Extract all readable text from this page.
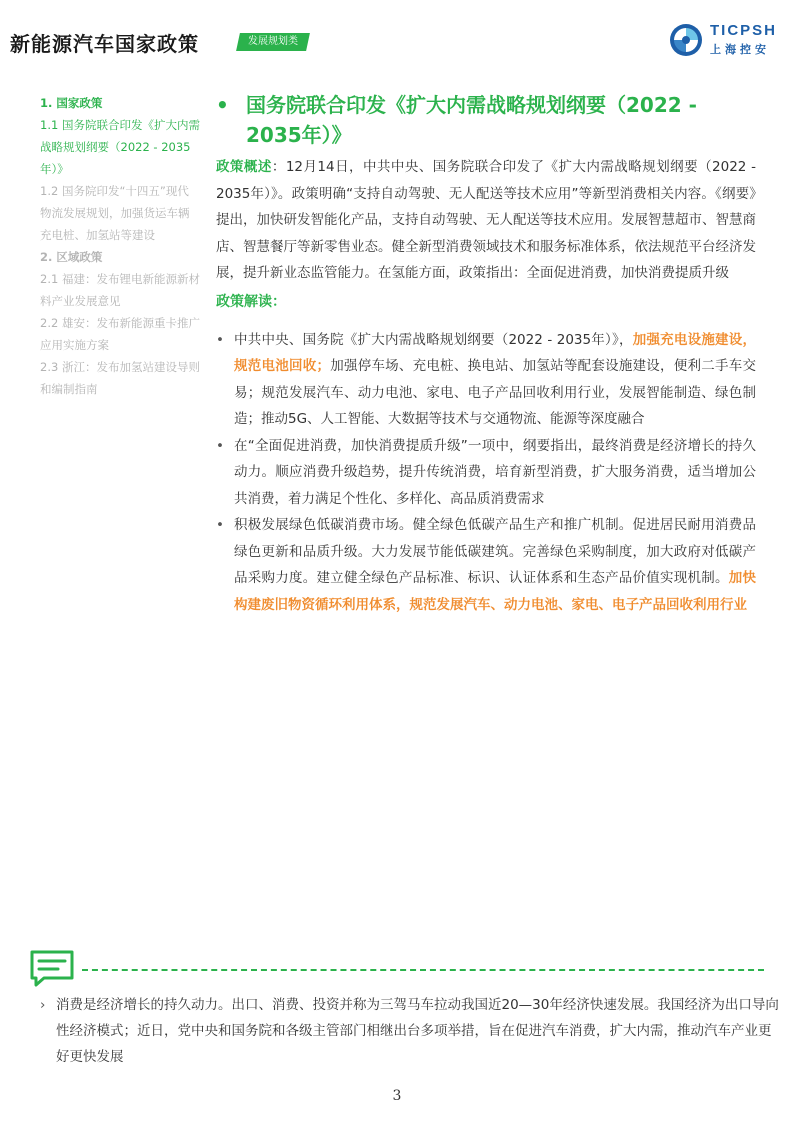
新能源汽车国家政策	发展规划类
TICPSH
上海控安
1. 国家政策
1.1 国务院联合印发《扩大内需战略规划纲要（2022 - 2035年）》
1.2 国务院印发“十四五”现代物流发展规划，加强货运车辆充电桩、加氢站等建设
2. 区域政策
2.1 福建：发布锂电新能源新材料产业发展意见
2.2 雄安：发布新能源重卡推广应用实施方案
2.3 浙江：发布加氢站建设导则和编制指南
• 国务院联合印发《扩大内需战略规划纲要（2022 - 2035年）》

政策概述：12月14日，中共中央、国务院联合印发了《扩大内需战略规划纲要（2022 - 2035年）》。政策明确“支持自动驾驶、无人配送等技术应用”等新型消费相关内容。《纲要》提出，加快研发智能化产品，支持自动驾驶、无人配送等技术应用。发展智慧超市、智慧商店、智慧餐厅等新零售业态。健全新型消费领域技术和服务标准体系，依法规范平台经济发展，提升新业态监管能力。在氢能方面，政策指出：全面促进消费，加快消费提质升级

政策解读：
• 中共中央、国务院《扩大内需战略规划纲要（2022 - 2035年）》，加强充电设施建设，规范电池回收；加强停车场、充电桩、换电站、加氢站等配套设施建设，便利二手车交易；规范发展汽车、动力电池、家电、电子产品回收利用行业，发展智能制造、绿色制造；推动5G、人工智能、大数据等技术与交通物流、能源等深度融合
• 在“全面促进消费，加快消费提质升级”一项中，纲要指出，最终消费是经济增长的持久动力。顺应消费升级趋势，提升传统消费，培育新型消费，扩大服务消费，适当增加公共消费，着力满足个性化、多样化、高品质消费需求
• 积极发展绿色低碳消费市场。健全绿色低碳产品生产和推广机制。促进居民耐用消费品绿色更新和品质升级。大力发展节能低碳建筑。完善绿色采购制度，加大政府对低碳产品采购力度。建立健全绿色产品标准、标识、认证体系和生态产品价值实现机制。加快构建废旧物资循环利用体系，规范发展汽车、动力电池、家电、电子产品回收利用行业
› 消费是经济增长的持久动力。出口、消费、投资并称为三驾马车拉动我国近20—30年经济快速发展。我国经济为出口导向性经济模式；近日，党中央和国务院和各级主管部门相继出台多项举措，旨在促进汽车消费，扩大内需，推动汽车产业更好更快发展
3
